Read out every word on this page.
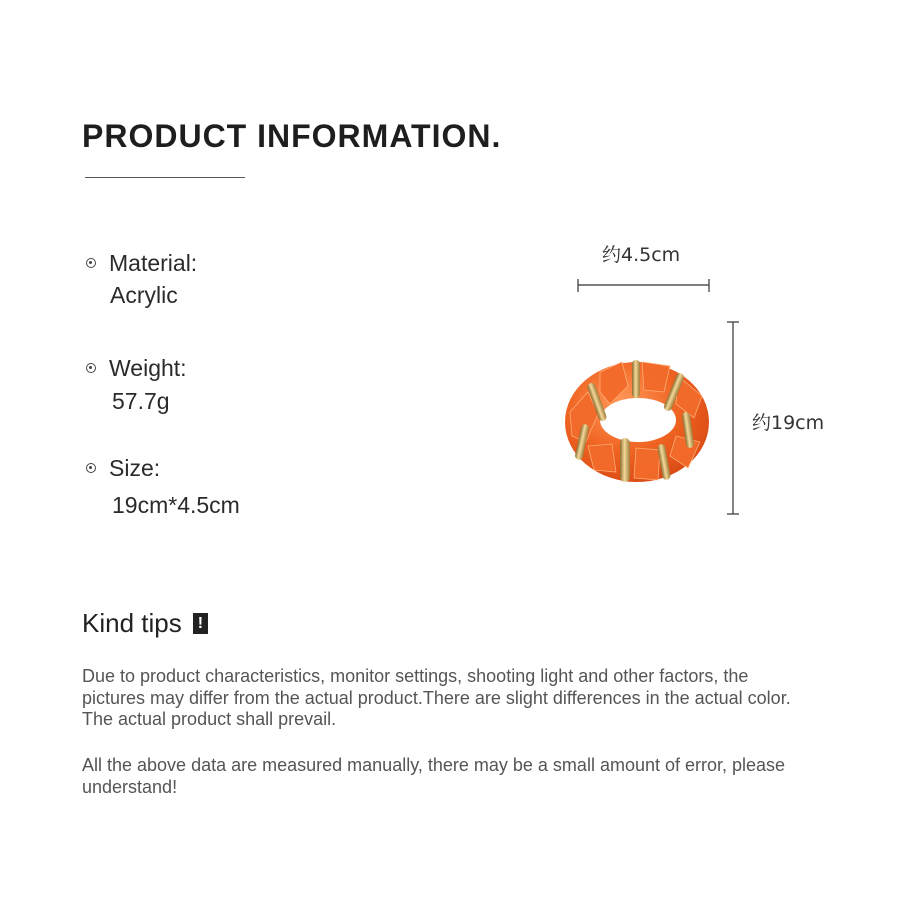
PRODUCT INFORMATION.
Material:
Acrylic
Weight:
57.7g
Size:
19cm*4.5cm
约4.5cm
约19cm
Kind tips !

Due to product characteristics, monitor settings, shooting light and other factors, the pictures may differ from the actual product.There are slight differences in the actual color. The actual product shall prevail.

All the above data are measured manually, there may be a small amount of error, please understand!
